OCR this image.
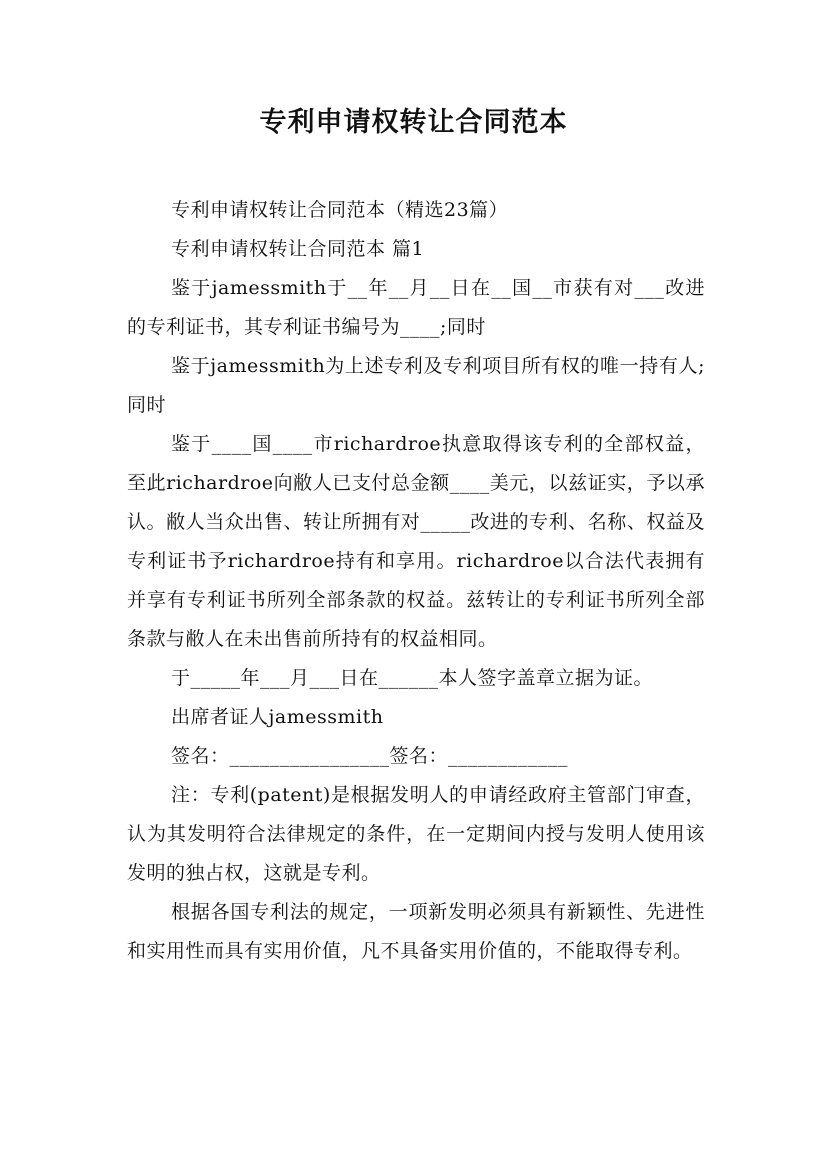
专利申请权转让合同范本

专利申请权转让合同范本（精选23篇）

专利申请权转让合同范本 篇1

鉴于jamessmith于__年__月__日在__国__市获有对___改进的专利证书，其专利证书编号为____;同时

鉴于jamessmith为上述专利及专利项目所有权的唯一持有人;同时

鉴于____国____市richardroe执意取得该专利的全部权益，至此richardroe向敝人已支付总金额____美元，以兹证实，予以承认。敝人当众出售、转让所拥有对_____改进的专利、名称、权益及专利证书予richardroe持有和享用。richardroe以合法代表拥有并享有专利证书所列全部条款的权益。兹转让的专利证书所列全部条款与敝人在未出售前所持有的权益相同。

于_____年___月___日在______本人签字盖章立据为证。

出席者证人jamessmith

签名：________________签名：____________

注：专利(patent)是根据发明人的申请经政府主管部门审查，认为其发明符合法律规定的条件，在一定期间内授与发明人使用该发明的独占权，这就是专利。

根据各国专利法的规定，一项新发明必须具有新颖性、先进性和实用性而具有实用价值，凡不具备实用价值的，不能取得专利。
